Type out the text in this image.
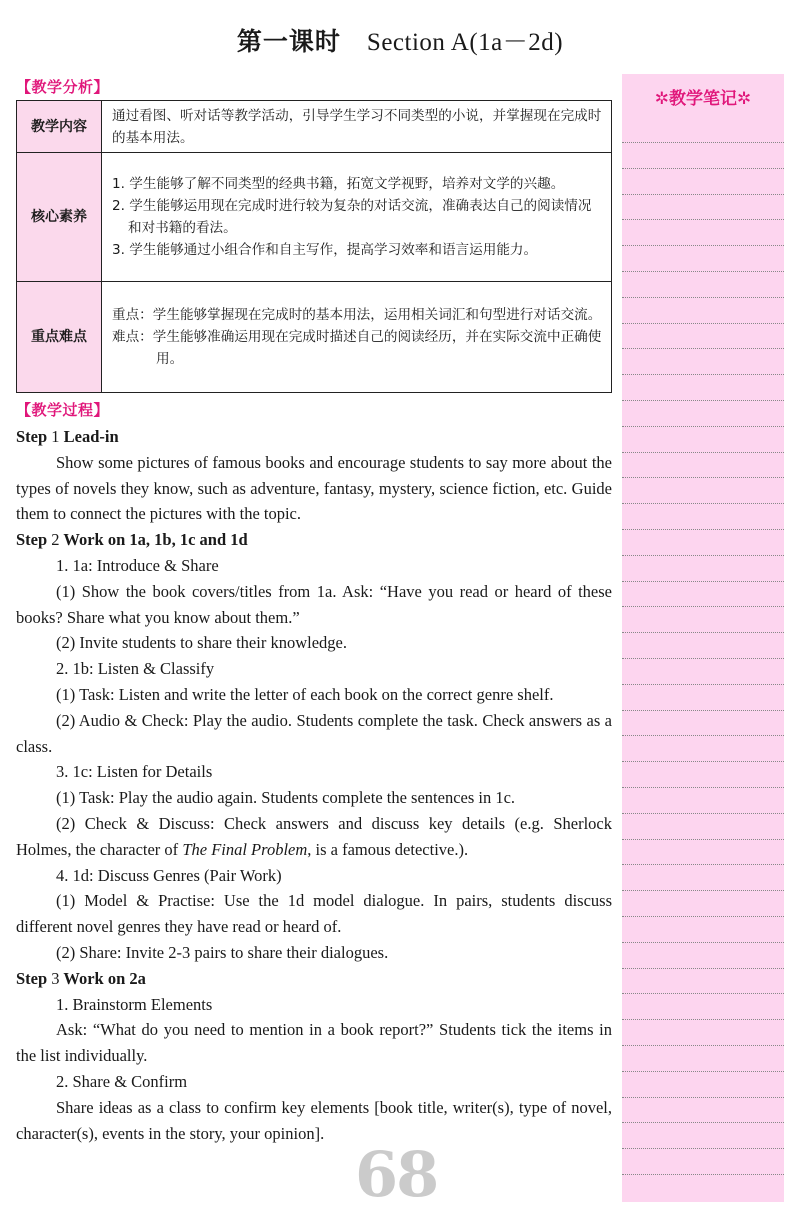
第一课时 Section A(1a－2d)
【教学分析】
教学内容	通过看图、听对话等教学活动，引导学生学习不同类型的小说，并掌握现在完成时的基本用法。

核心素养	1. 学生能够了解不同类型的经典书籍，拓宽文学视野，培养对文学的兴趣。
2. 学生能够运用现在完成时进行较为复杂的对话交流，准确表达自己的阅读情况和对书籍的看法。
3. 学生能够通过小组合作和自主写作，提高学习效率和语言运用能力。

重点难点	重点：学生能够掌握现在完成时的基本用法，运用相关词汇和句型进行对话交流。
难点：学生能够准确运用现在完成时描述自己的阅读经历，并在实际交流中正确使用。
【教学过程】

Step 1 Lead-in

Show some pictures of famous books and encourage students to say more about the types of novels they know, such as adventure, fantasy, mystery, science fiction, etc. Guide them to connect the pictures with the topic.

Step 2 Work on 1a, 1b, 1c and 1d

1. 1a: Introduce & Share

(1) Show the book covers/titles from 1a. Ask: “Have you read or heard of these books? Share what you know about them.”

(2) Invite students to share their knowledge.

2. 1b: Listen & Classify

(1) Task: Listen and write the letter of each book on the correct genre shelf.

(2) Audio & Check: Play the audio. Students complete the task. Check answers as a class.

3. 1c: Listen for Details

(1) Task: Play the audio again. Students complete the sentences in 1c.

(2) Check & Discuss: Check answers and discuss key details (e.g. Sherlock Holmes, the character of The Final Problem, is a famous detective.).

4. 1d: Discuss Genres (Pair Work)

(1) Model & Practise: Use the 1d model dialogue. In pairs, students discuss different novel genres they have read or heard of.

(2) Share: Invite 2-3 pairs to share their dialogues.

Step 3 Work on 2a

1. Brainstorm Elements

Ask: “What do you need to mention in a book report?” Students tick the items in the list individually.

2. Share & Confirm

Share ideas as a class to confirm key elements [book title, writer(s), type of novel, character(s), events in the story, your opinion].

✲教学笔记✲
68
